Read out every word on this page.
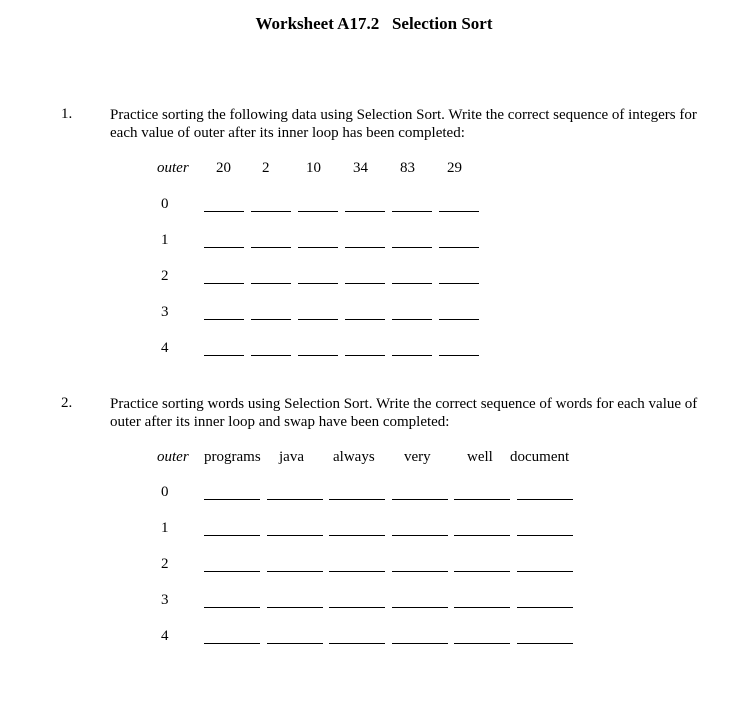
Worksheet A17.2   Selection Sort
1.	Practice sorting the following data using Selection Sort. Write the correct sequence of integers for each value of outer after its inner loop has been completed:
outer 20 2 10 34 83 29
0
1
2
3
4
2.	Practice sorting words using Selection Sort. Write the correct sequence of words for each value of outer after its inner loop and swap have been completed:
outer programs java always very well document
0
1
2
3
4
